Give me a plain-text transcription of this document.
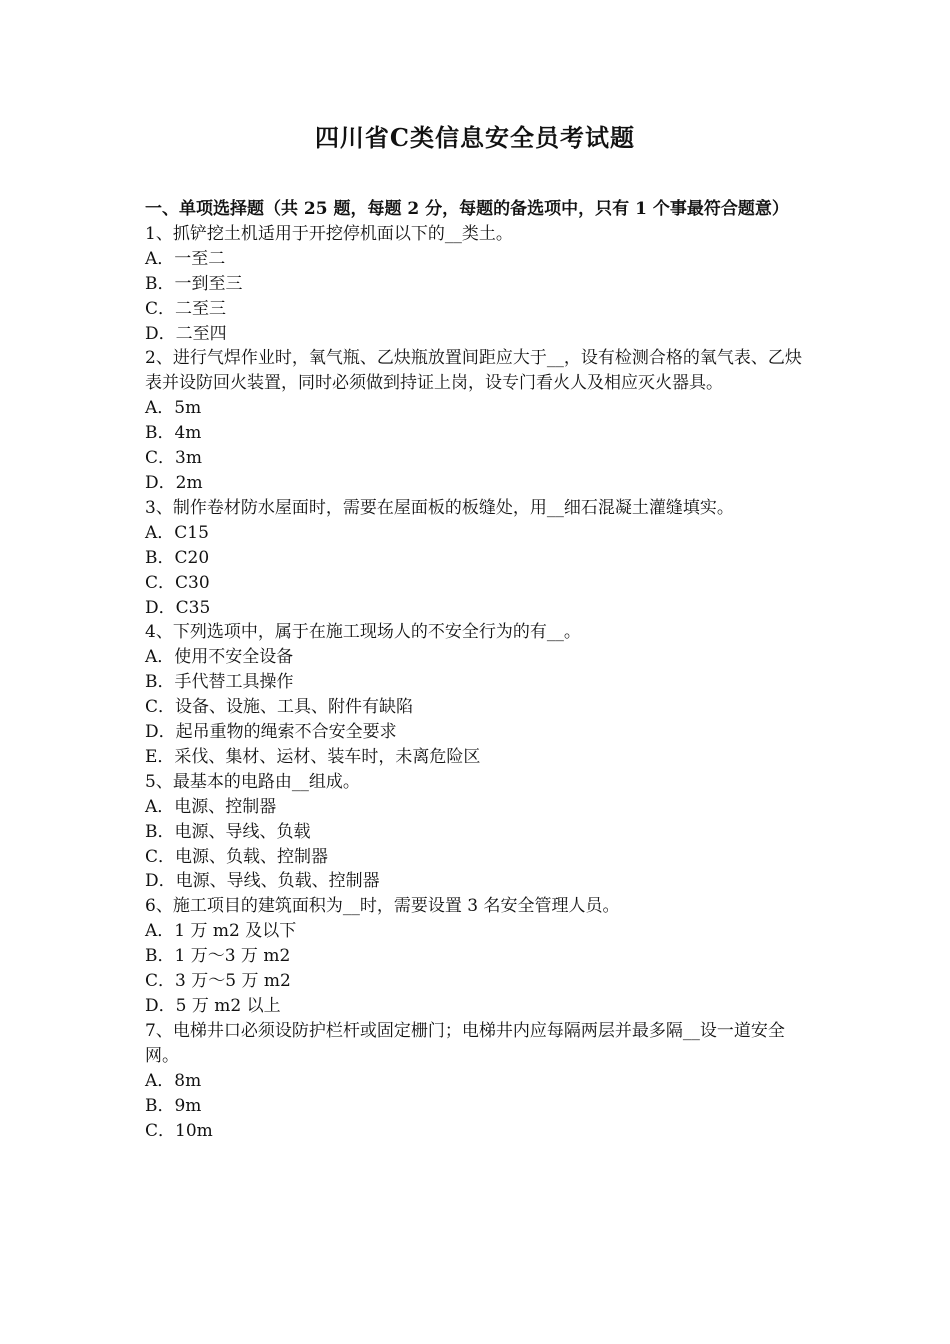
四川省C类信息安全员考试题

一、单项选择题（共 25 题，每题 2 分，每题的备选项中，只有 1 个事最符合题意）

1、抓铲挖土机适用于开挖停机面以下的__类土。

A．一至二

B．一到至三

C．二至三

D．二至四

2、进行气焊作业时，氧气瓶、乙炔瓶放置间距应大于__，设有检测合格的氧气表、乙炔表并设防回火装置，同时必须做到持证上岗，设专门看火人及相应灭火器具。

A．5m

B．4m

C．3m

D．2m

3、制作卷材防水屋面时，需要在屋面板的板缝处，用__细石混凝土灌缝填实。

A．C15

B．C20

C．C30

D．C35

4、下列选项中，属于在施工现场人的不安全行为的有__。

A．使用不安全设备

B．手代替工具操作

C．设备、设施、工具、附件有缺陷

D．起吊重物的绳索不合安全要求

E．采伐、集材、运材、装车时，未离危险区

5、最基本的电路由__组成。

A．电源、控制器

B．电源、导线、负载

C．电源、负载、控制器

D．电源、导线、负载、控制器

6、施工项目的建筑面积为__时，需要设置 3 名安全管理人员。

A．1 万 m2 及以下

B．1 万～3 万 m2

C．3 万～5 万 m2

D．5 万 m2 以上

7、电梯井口必须设防护栏杆或固定栅门；电梯井内应每隔两层并最多隔__设一道安全网。

A．8m

B．9m

C．10m
